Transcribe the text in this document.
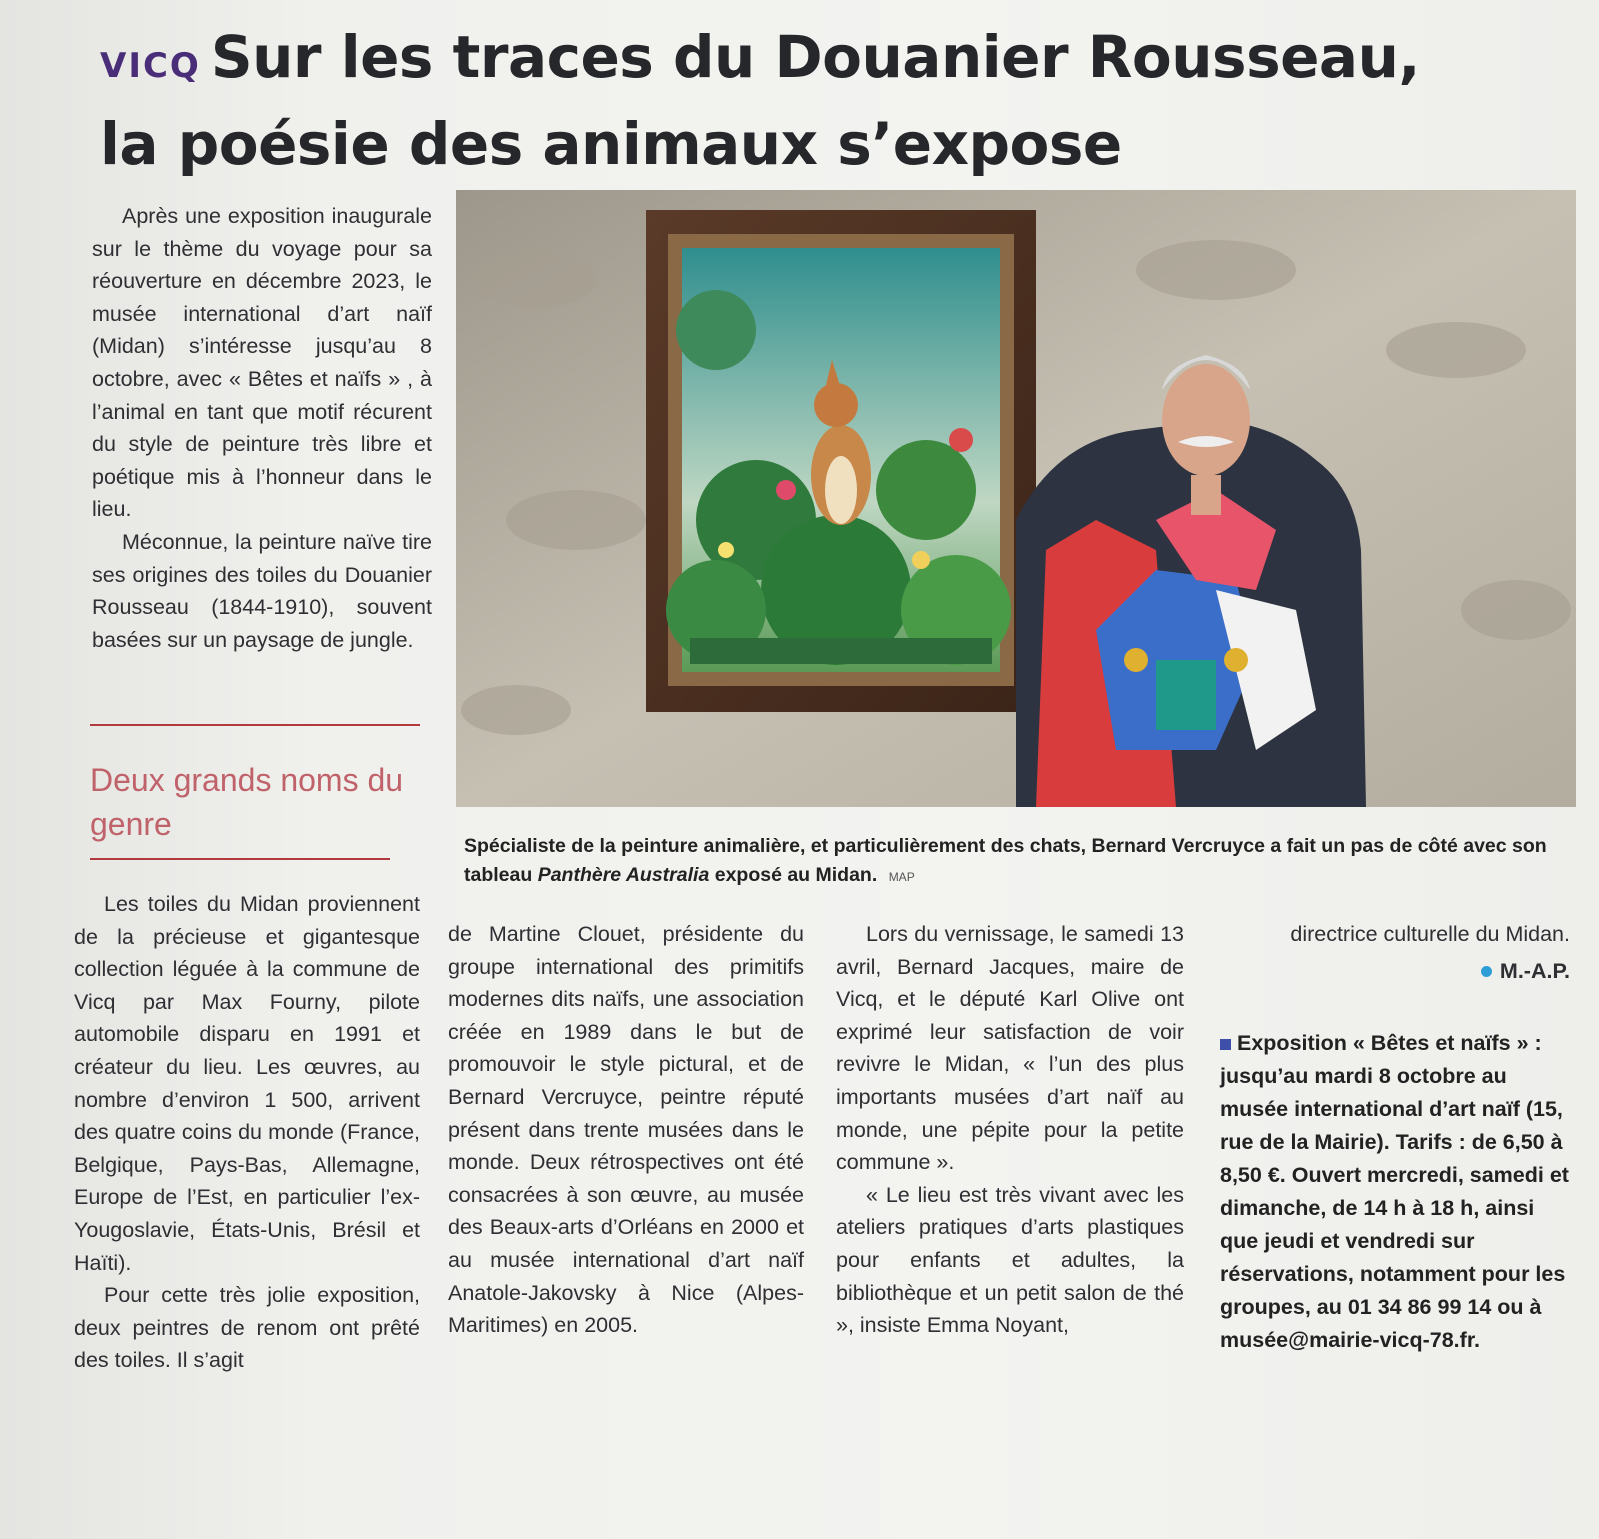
VICQ Sur les traces du Douanier Rousseau,
la poésie des animaux s’expose

Après une exposition inaugurale sur le thème du voyage pour sa réouverture en décembre 2023, le musée international d’art naïf (Midan) s’intéresse jusqu’au 8 octobre, avec « Bêtes et naïfs » , à l’animal en tant que motif récurent du style de peinture très libre et poétique mis à l’honneur dans le lieu.

Méconnue, la peinture naïve tire ses origines des toiles du Douanier Rousseau (1844-1910), souvent basées sur un paysage de jungle.

Deux grands noms du genre
Spécialiste de la peinture animalière, et particulièrement des chats, Bernard Vercruyce a fait un pas de côté avec son tableau Panthère Australia exposé au Midan. MAP

Les toiles du Midan proviennent de la précieuse et gigantesque collection léguée à la commune de Vicq par Max Fourny, pilote automobile disparu en 1991 et créateur du lieu. Les œuvres, au nombre d’environ 1 500, arrivent des quatre coins du monde (France, Belgique, Pays-Bas, Allemagne, Europe de l’Est, en particulier l’ex-Yougoslavie, États-Unis, Brésil et Haïti).

Pour cette très jolie exposition, deux peintres de renom ont prêté des toiles. Il s’agit

de Martine Clouet, présidente du groupe international des primitifs modernes dits naïfs, une association créée en 1989 dans le but de promouvoir le style pictural, et de Bernard Vercruyce, peintre réputé présent dans trente musées dans le monde. Deux rétrospectives ont été consacrées à son œuvre, au musée des Beaux-arts d’Orléans en 2000 et au musée international d’art naïf Anatole-Jakovsky à Nice (Alpes-Maritimes) en 2005.

Lors du vernissage, le samedi 13 avril, Bernard Jacques, maire de Vicq, et le député Karl Olive ont exprimé leur satisfaction de voir revivre le Midan, « l’un des plus importants musées d’art naïf au monde, une pépite pour la petite commune ».

« Le lieu est très vivant avec les ateliers pratiques d’arts plastiques pour enfants et adultes, la bibliothèque et un petit salon de thé », insiste Emma Noyant,

directrice culturelle du Midan.
M.-A.P.
Exposition « Bêtes et naïfs » : jusqu’au mardi 8 octobre au musée international d’art naïf (15, rue de la Mairie). Tarifs : de 6,50 à 8,50 €. Ouvert mercredi, samedi et dimanche, de 14 h à 18 h, ainsi que jeudi et vendredi sur réservations, notamment pour les groupes, au 01 34 86 99 14 ou à musée@mairie-vicq-78.fr.
